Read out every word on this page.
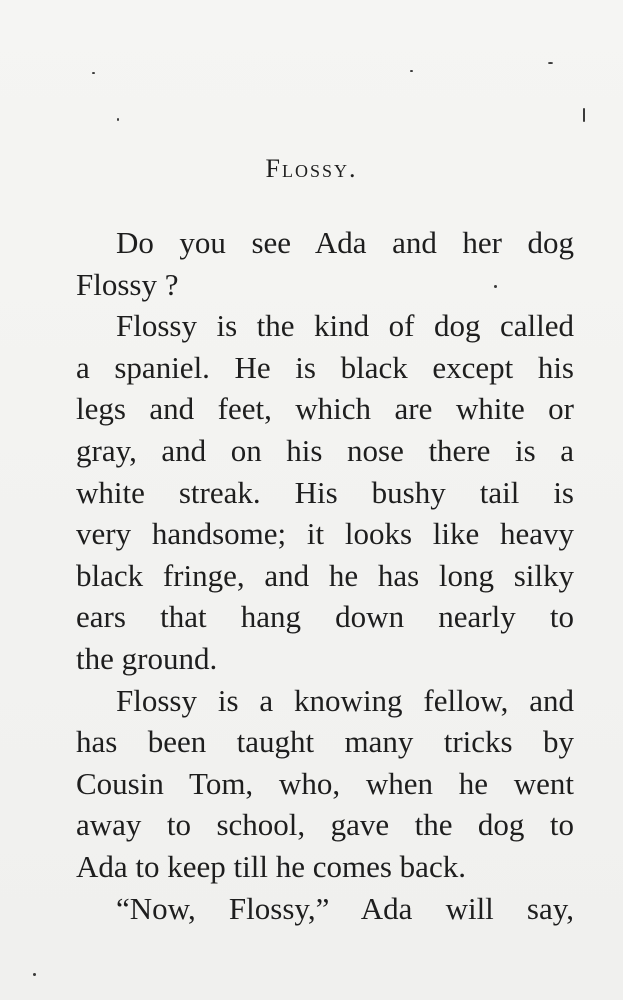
Flossy.
Do you see Ada and her dog
Flossy ?
Flossy is the kind of dog called
a spaniel. He is black except his
legs and feet, which are white or
gray, and on his nose there is a
white streak. His bushy tail is
very handsome; it looks like heavy
black fringe, and he has long silky
ears that hang down nearly to
the ground.
Flossy is a knowing fellow, and
has been taught many tricks by
Cousin Tom, who, when he went
away to school, gave the dog to
Ada to keep till he comes back.
“Now, Flossy,” Ada will say,
